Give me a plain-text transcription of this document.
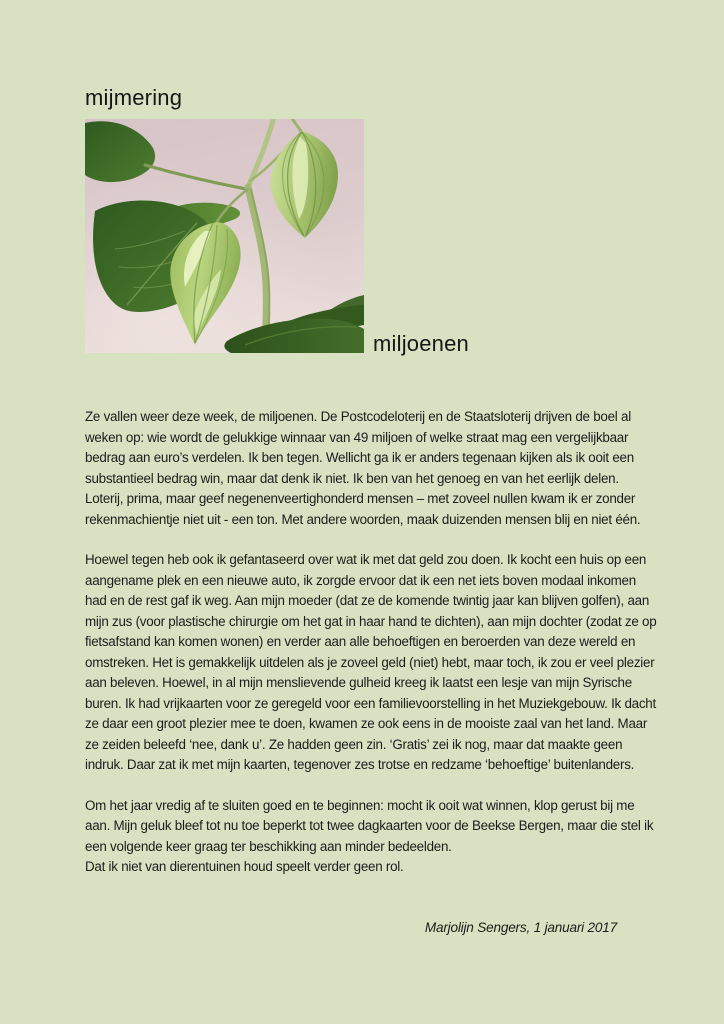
mijmering
miljoenen

Ze vallen weer deze week, de miljoenen. De Postcodeloterij en de Staatsloterij drijven de boel al weken op: wie wordt de gelukkige winnaar van 49 miljoen of welke straat mag een vergelijkbaar bedrag aan euro’s verdelen. Ik ben tegen. Wellicht ga ik er anders tegenaan kijken als ik ooit een substantieel bedrag win, maar dat denk ik niet. Ik ben van het genoeg en van het eerlijk delen. Loterij, prima, maar geef negenenveertighonderd mensen – met zoveel nullen kwam ik er zonder rekenmachientje niet uit - een ton. Met andere woorden, maak duizenden mensen blij en niet één.

Hoewel tegen heb ook ik gefantaseerd over wat ik met dat geld zou doen. Ik kocht een huis op een aangename plek en een nieuwe auto, ik zorgde ervoor dat ik een net iets boven modaal inkomen had en de rest gaf ik weg. Aan mijn moeder (dat ze de komende twintig jaar kan blijven golfen), aan mijn zus (voor plastische chirurgie om het gat in haar hand te dichten), aan mijn dochter (zodat ze op fietsafstand kan komen wonen) en verder aan alle behoeftigen en beroerden van deze wereld en omstreken. Het is gemakkelijk uitdelen als je zoveel geld (niet) hebt, maar toch, ik zou er veel plezier aan beleven. Hoewel, in al mijn menslievende gulheid kreeg ik laatst een lesje van mijn Syrische buren. Ik had vrijkaarten voor ze geregeld voor een familievoorstelling in het Muziekgebouw. Ik dacht ze daar een groot plezier mee te doen, kwamen ze ook eens in de mooiste zaal van het land. Maar ze zeiden beleefd ‘nee, dank u’. Ze hadden geen zin. ‘Gratis’ zei ik nog, maar dat maakte geen indruk. Daar zat ik met mijn kaarten, tegenover zes trotse en redzame ‘behoeftige’ buitenlanders.

Om het jaar vredig af te sluiten goed en te beginnen: mocht ik ooit wat winnen, klop gerust bij me aan. Mijn geluk bleef tot nu toe beperkt tot twee dagkaarten voor de Beekse Bergen, maar die stel ik een volgende keer graag ter beschikking aan minder bedeelden.
Dat ik niet van dierentuinen houd speelt verder geen rol.

Marjolijn Sengers, 1 januari 2017
